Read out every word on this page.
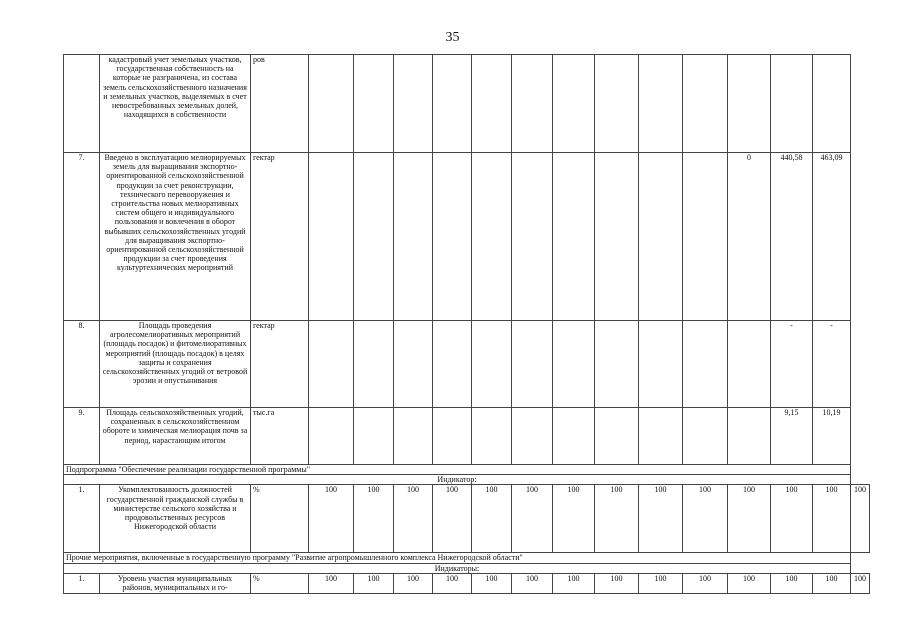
35
	кадастровый учет земельных участков, государственная собственность на которые не разграничена, из состава земель сельскохозяйственного назначения и земельных участков, выделяемых в счет невостребованных земельных долей, находящихся в собственности	ров														
7.	Введено в эксплуатацию мелиорируемых земель для выращивания экспортно- ориентированной сельскохозяйственной продукции за счет реконструкции, технического перевооружения и строительства новых мелиоративных систем общего и индивидуального пользования и вовлечения в оборот выбывших сельскохозяйственных угодий для выращивания экспортно-ориентированной сельскохозяйственной продукции за счет проведения культуртехнических мероприятий	гектар											0	440,58	463,09	
8.	Площадь проведения агролесомелиоративных мероприятий (площадь посадок) и фитомелиоративных мероприятий (площадь посадок) в целях защиты и сохранения сельскохозяйственных угодий от ветровой эрозии и опустынивания	гектар												-	-	
9.	Площадь сельскохозяйственных угодий, сохраненных в сельскохозяйственном обороте и химическая мелиорация почв за период, нарастающим итогом	тыс.га												9,15	10,19	
Подпрограмма "Обеспечение реализации государственной программы"																
Индикатор:																
1.	Укомплектованность должностей государственной гражданской службы в министерстве сельского хозяйства и продовольственных ресурсов Нижегородской области	%	100	100	100	100	100	100	100	100	100	100	100	100	100	100
Прочие мероприятия, включенные в государственную программу "Развитие агропромышленного комплекса Нижегородской области"																
Индикаторы:																
1.	Уровень участия муниципальных районов, муниципальных и го-	%	100	100	100	100	100	100	100	100	100	100	100	100	100	100
